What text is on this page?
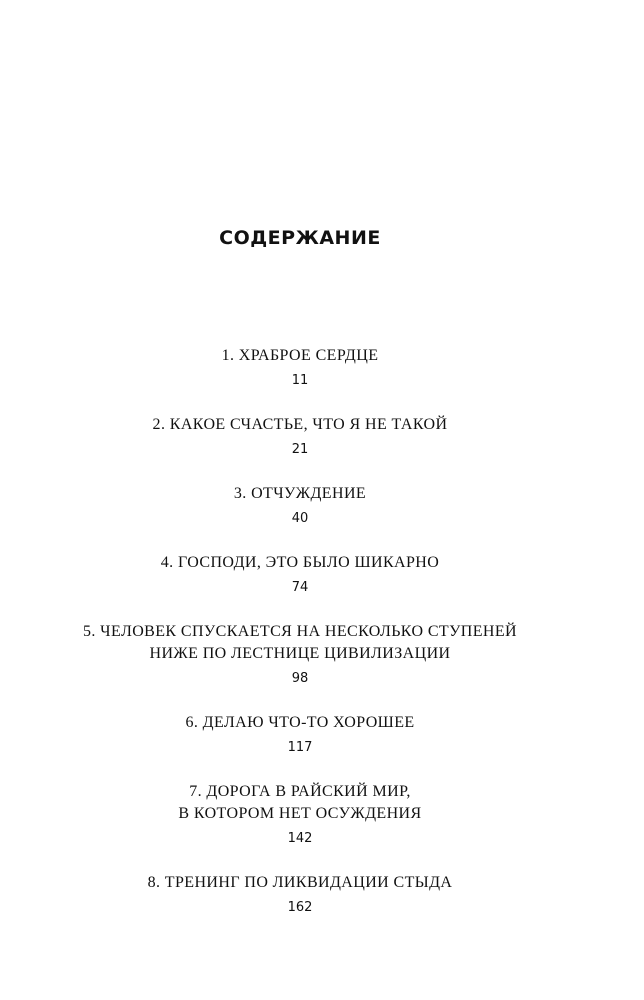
СОДЕРЖАНИЕ
1. ХРАБРОЕ СЕРДЦЕ
11
2. КАКОЕ СЧАСТЬЕ, ЧТО Я НЕ ТАКОЙ
21
3. ОТЧУЖДЕНИЕ
40
4. ГОСПОДИ, ЭТО БЫЛО ШИКАРНО
74
5. ЧЕЛОВЕК СПУСКАЕТСЯ НА НЕСКОЛЬКО СТУПЕНЕЙ
НИЖЕ ПО ЛЕСТНИЦЕ ЦИВИЛИЗАЦИИ
98
6. ДЕЛАЮ ЧТО-ТО ХОРОШЕЕ
117
7. ДОРОГА В РАЙСКИЙ МИР,
В КОТОРОМ НЕТ ОСУЖДЕНИЯ
142
8. ТРЕНИНГ ПО ЛИКВИДАЦИИ СТЫДА
162
